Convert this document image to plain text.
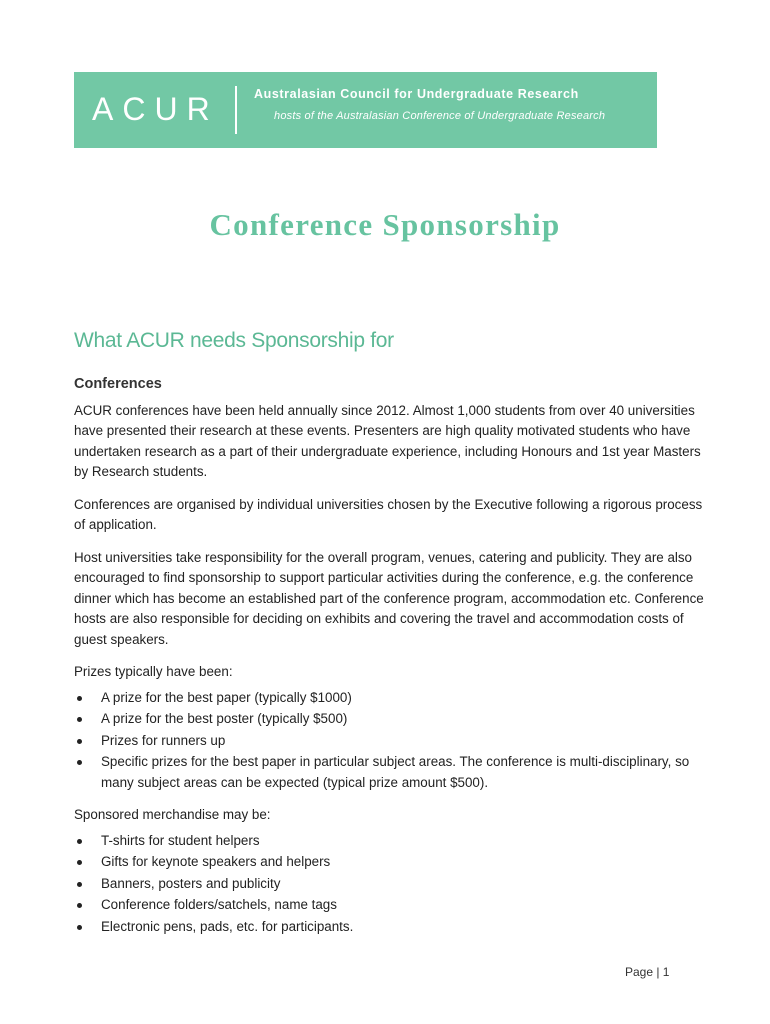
ACUR	Australasian Council for Undergraduate Research
hosts of the Australasian Conference of Undergraduate Research
Conference Sponsorship
What ACUR needs Sponsorship for
Conferences

ACUR conferences have been held annually since 2012. Almost 1,000 students from over 40 universities have presented their research at these events. Presenters are high quality motivated students who have undertaken research as a part of their undergraduate experience, including Honours and 1st year Masters by Research students.

Conferences are organised by individual universities chosen by the Executive following a rigorous process of application.

Host universities take responsibility for the overall program, venues, catering and publicity. They are also encouraged to find sponsorship to support particular activities during the conference, e.g. the conference dinner which has become an established part of the conference program, accommodation etc. Conference hosts are also responsible for deciding on exhibits and covering the travel and accommodation costs of guest speakers.

Prizes typically have been:

A prize for the best paper (typically $1000)
A prize for the best poster (typically $500)
Prizes for runners up
Specific prizes for the best paper in particular subject areas. The conference is multi-disciplinary, so many subject areas can be expected (typical prize amount $500).

Sponsored merchandise may be:

T-shirts for student helpers
Gifts for keynote speakers and helpers
Banners, posters and publicity
Conference folders/satchels, name tags
Electronic pens, pads, etc. for participants.
Page | 1
